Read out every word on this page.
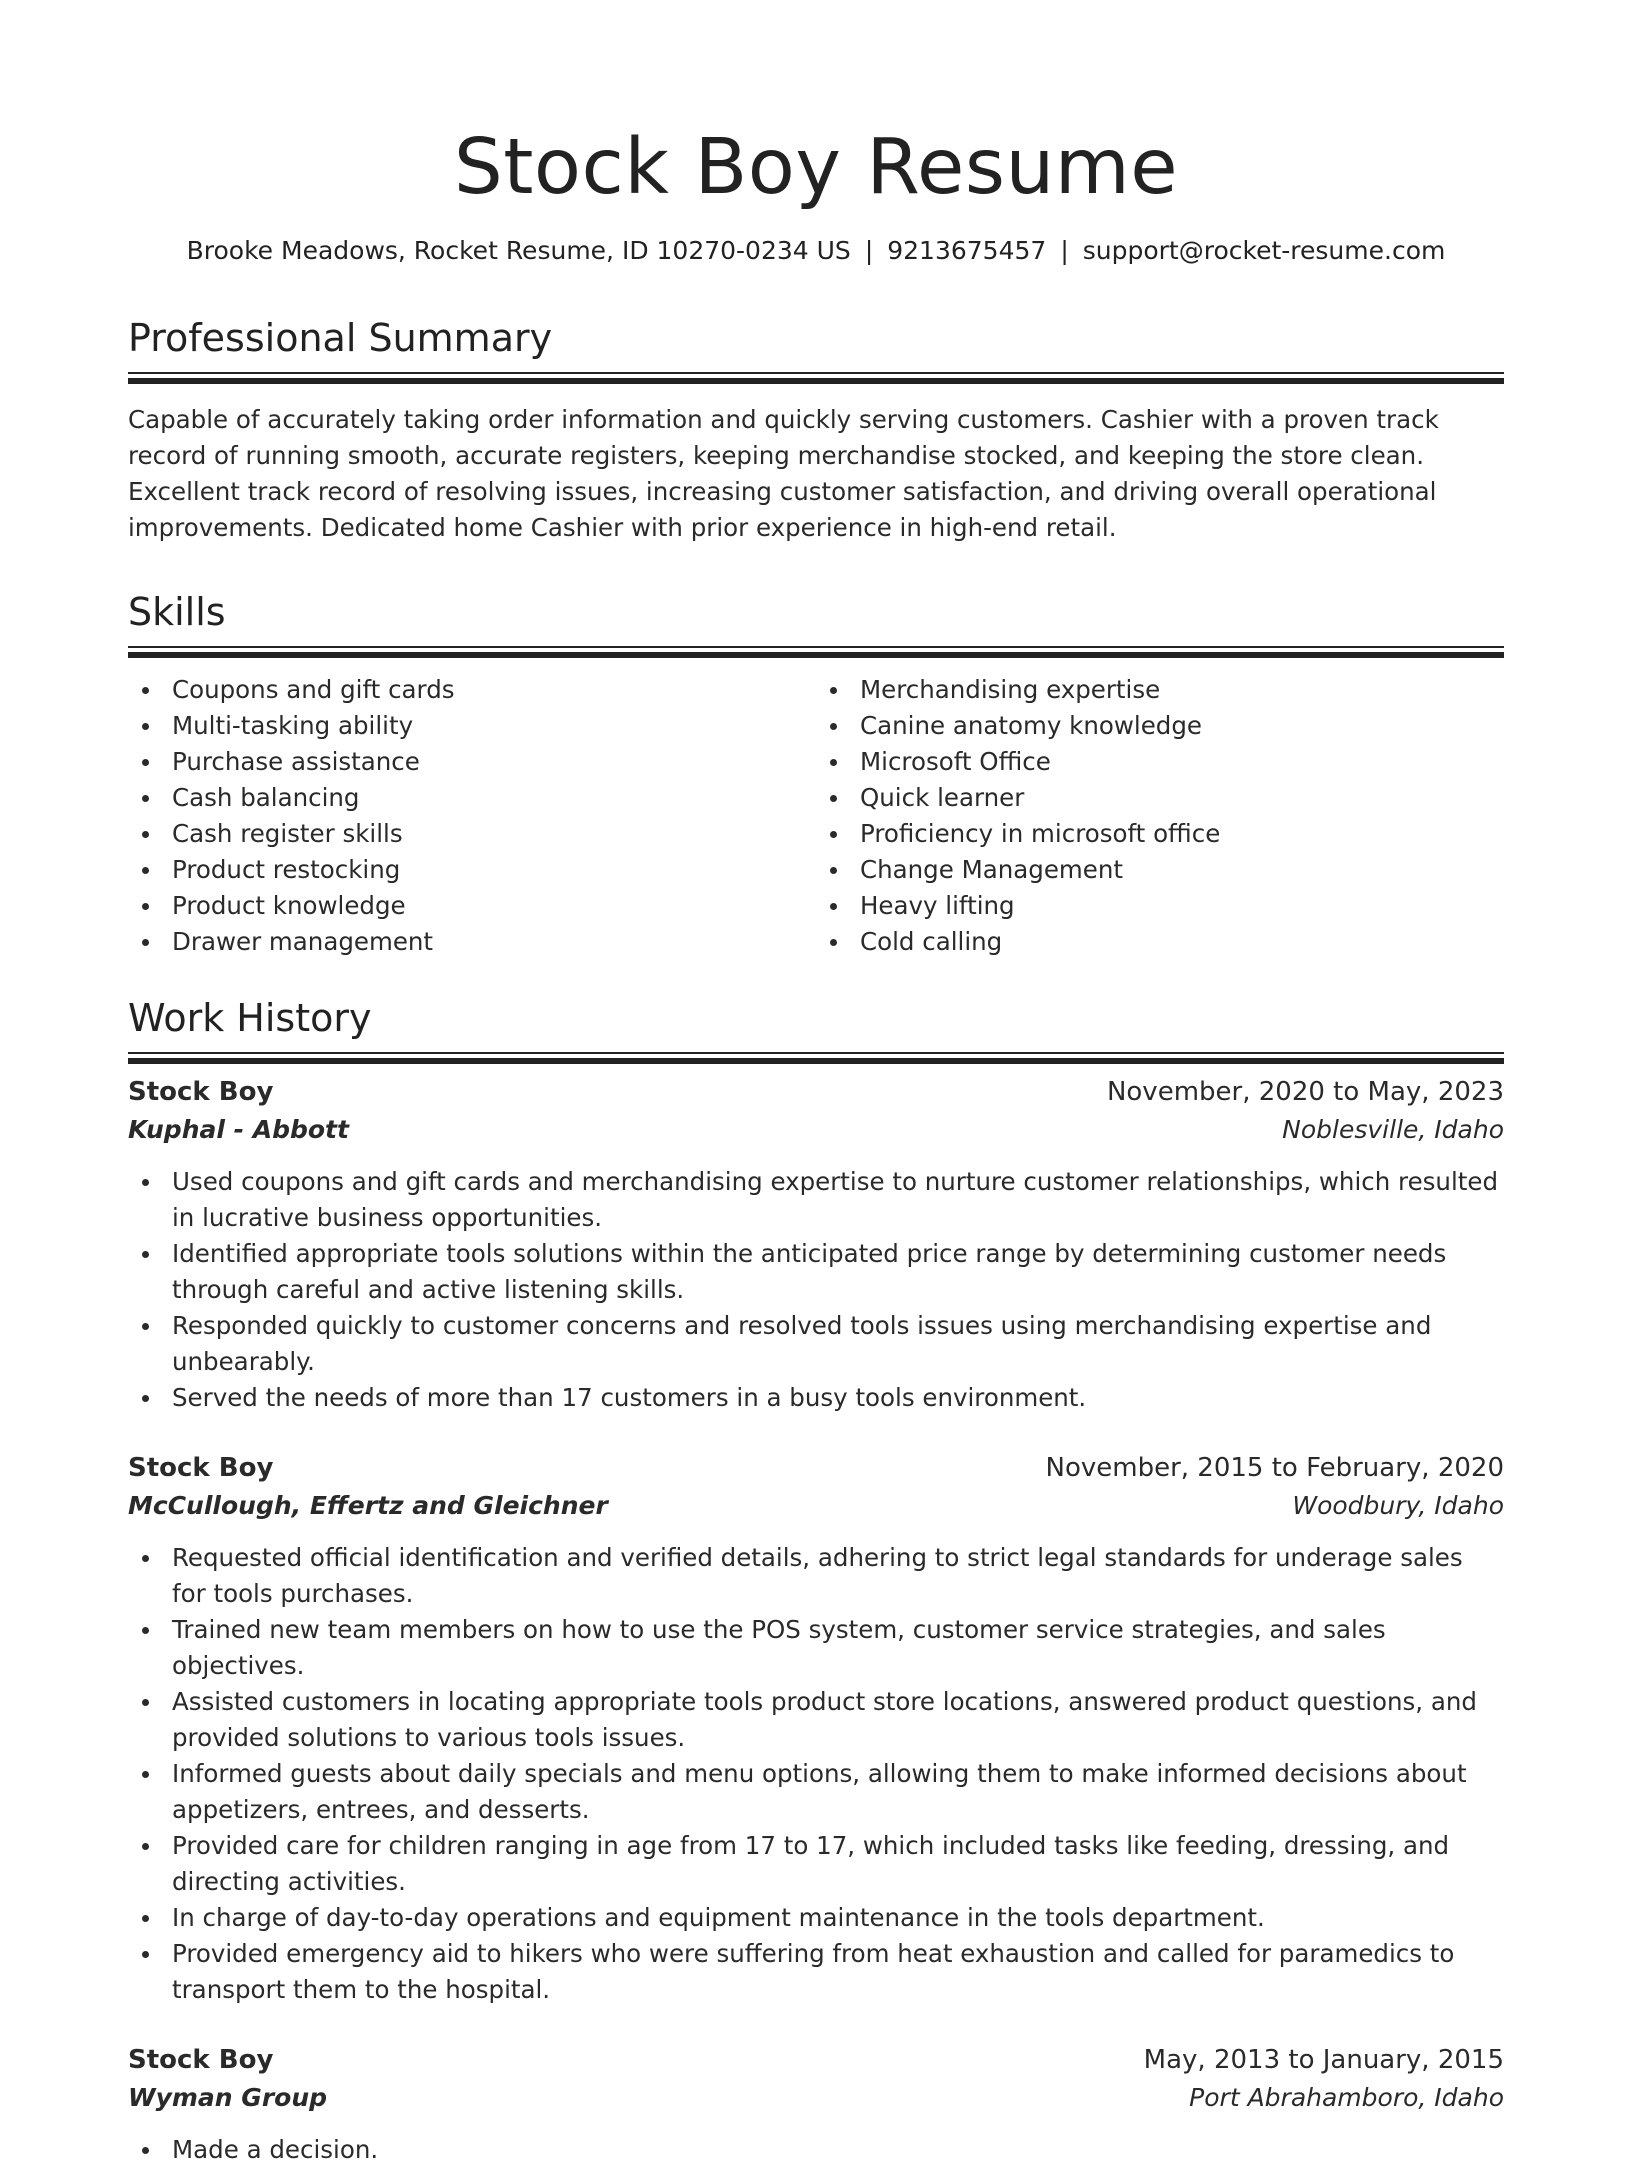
Stock Boy Resume
Brooke Meadows, Rocket Resume, ID 10270-0234 US | 9213675457 | support@rocket-resume.com
Professional Summary

Capable of accurately taking order information and quickly serving customers. Cashier with a proven track record of running smooth, accurate registers, keeping merchandise stocked, and keeping the store clean. Excellent track record of resolving issues, increasing customer satisfaction, and driving overall operational improvements. Dedicated home Cashier with prior experience in high-end retail.

Skills
Coupons and gift cards
Multi-tasking ability
Purchase assistance
Cash balancing
Cash register skills
Product restocking
Product knowledge
Drawer management
Merchandising expertise
Canine anatomy knowledge
Microsoft Office
Quick learner
Proficiency in microsoft office
Change Management
Heavy lifting
Cold calling
Work History
Stock Boy	November, 2020 to May, 2023
Kuphal - Abbott	Noblesville, Idaho
Used coupons and gift cards and merchandising expertise to nurture customer relationships, which resulted in lucrative business opportunities.
Identified appropriate tools solutions within the anticipated price range by determining customer needs through careful and active listening skills.
Responded quickly to customer concerns and resolved tools issues using merchandising expertise and unbearably.
Served the needs of more than 17 customers in a busy tools environment.
Stock Boy	November, 2015 to February, 2020
McCullough, Effertz and Gleichner	Woodbury, Idaho
Requested official identification and verified details, adhering to strict legal standards for underage sales for tools purchases.
Trained new team members on how to use the POS system, customer service strategies, and sales objectives.
Assisted customers in locating appropriate tools product store locations, answered product questions, and provided solutions to various tools issues.
Informed guests about daily specials and menu options, allowing them to make informed decisions about appetizers, entrees, and desserts.
Provided care for children ranging in age from 17 to 17, which included tasks like feeding, dressing, and directing activities.
In charge of day-to-day operations and equipment maintenance in the tools department.
Provided emergency aid to hikers who were suffering from heat exhaustion and called for paramedics to transport them to the hospital.
Stock Boy	May, 2013 to January, 2015
Wyman Group	Port Abrahamboro, Idaho
Made a decision.
